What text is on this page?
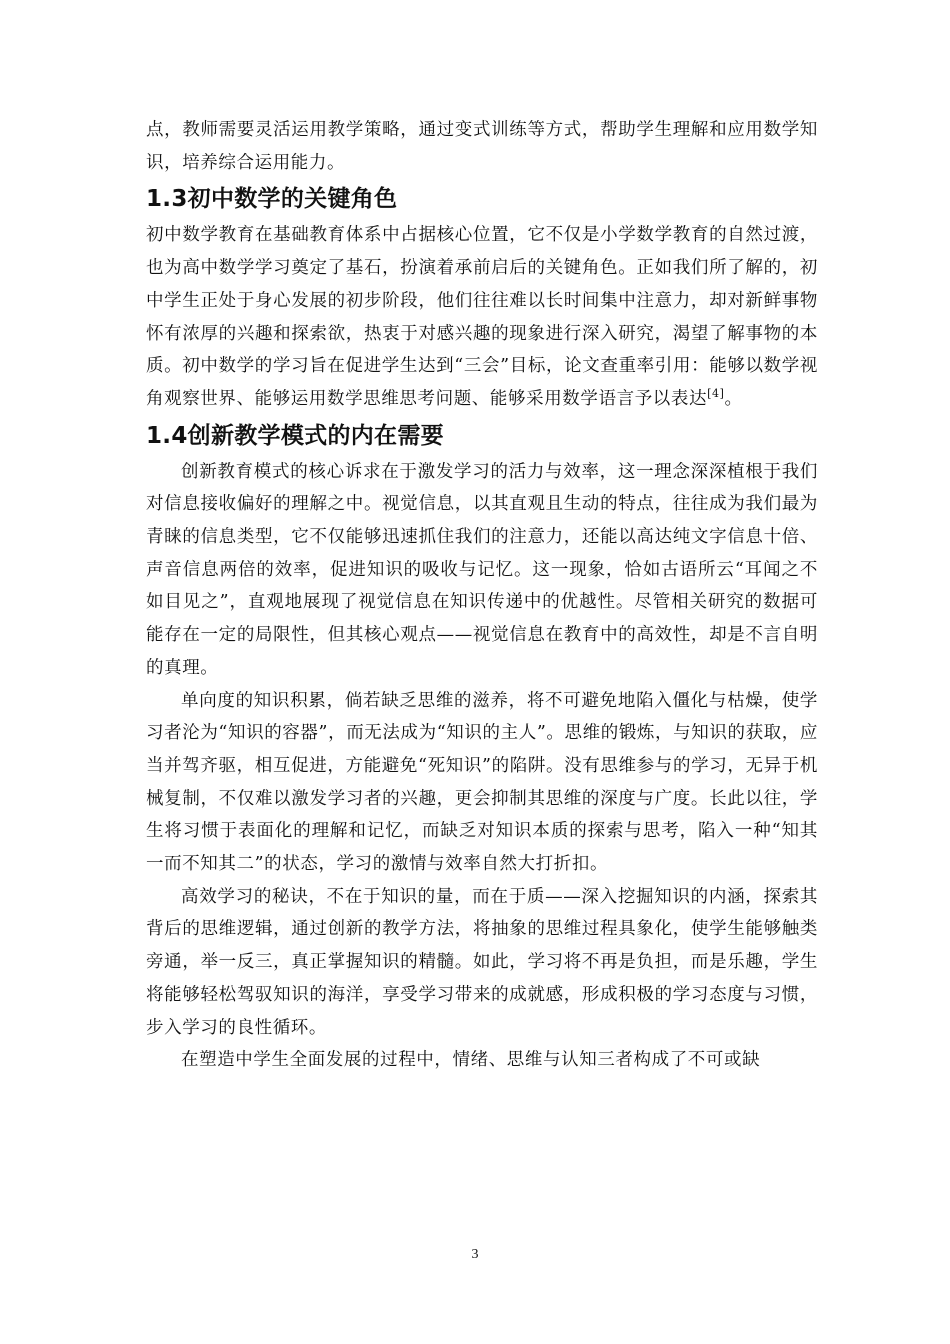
点，教师需要灵活运用教学策略，通过变式训练等方式，帮助学生理解和应用数学知识，培养综合运用能力。

1.3初中数学的关键角色

初中数学教育在基础教育体系中占据核心位置，它不仅是小学数学教育的自然过渡，也为高中数学学习奠定了基石，扮演着承前启后的关键角色。正如我们所了解的，初中学生正处于身心发展的初步阶段，他们往往难以长时间集中注意力，却对新鲜事物怀有浓厚的兴趣和探索欲，热衷于对感兴趣的现象进行深入研究，渴望了解事物的本质。初中数学的学习旨在促进学生达到“三会”目标，论文查重率引用：能够以数学视角观察世界、能够运用数学思维思考问题、能够采用数学语言予以表达[4]。

1.4创新教学模式的内在需要

创新教育模式的核心诉求在于激发学习的活力与效率，这一理念深深植根于我们对信息接收偏好的理解之中。视觉信息，以其直观且生动的特点，往往成为我们最为青睐的信息类型，它不仅能够迅速抓住我们的注意力，还能以高达纯文字信息十倍、声音信息两倍的效率，促进知识的吸收与记忆。这一现象，恰如古语所云“耳闻之不如目见之”，直观地展现了视觉信息在知识传递中的优越性。尽管相关研究的数据可能存在一定的局限性，但其核心观点——视觉信息在教育中的高效性，却是不言自明的真理。

单向度的知识积累，倘若缺乏思维的滋养，将不可避免地陷入僵化与枯燥，使学习者沦为“知识的容器”，而无法成为“知识的主人”。思维的锻炼，与知识的获取，应当并驾齐驱，相互促进，方能避免“死知识”的陷阱。没有思维参与的学习，无异于机械复制，不仅难以激发学习者的兴趣，更会抑制其思维的深度与广度。长此以往，学生将习惯于表面化的理解和记忆，而缺乏对知识本质的探索与思考，陷入一种“知其一而不知其二”的状态，学习的激情与效率自然大打折扣。

高效学习的秘诀，不在于知识的量，而在于质——深入挖掘知识的内涵，探索其背后的思维逻辑，通过创新的教学方法，将抽象的思维过程具象化，使学生能够触类旁通，举一反三，真正掌握知识的精髓。如此，学习将不再是负担，而是乐趣，学生将能够轻松驾驭知识的海洋，享受学习带来的成就感，形成积极的学习态度与习惯，步入学习的良性循环。

在塑造中学生全面发展的过程中，情绪、思维与认知三者构成了不可或缺

3
